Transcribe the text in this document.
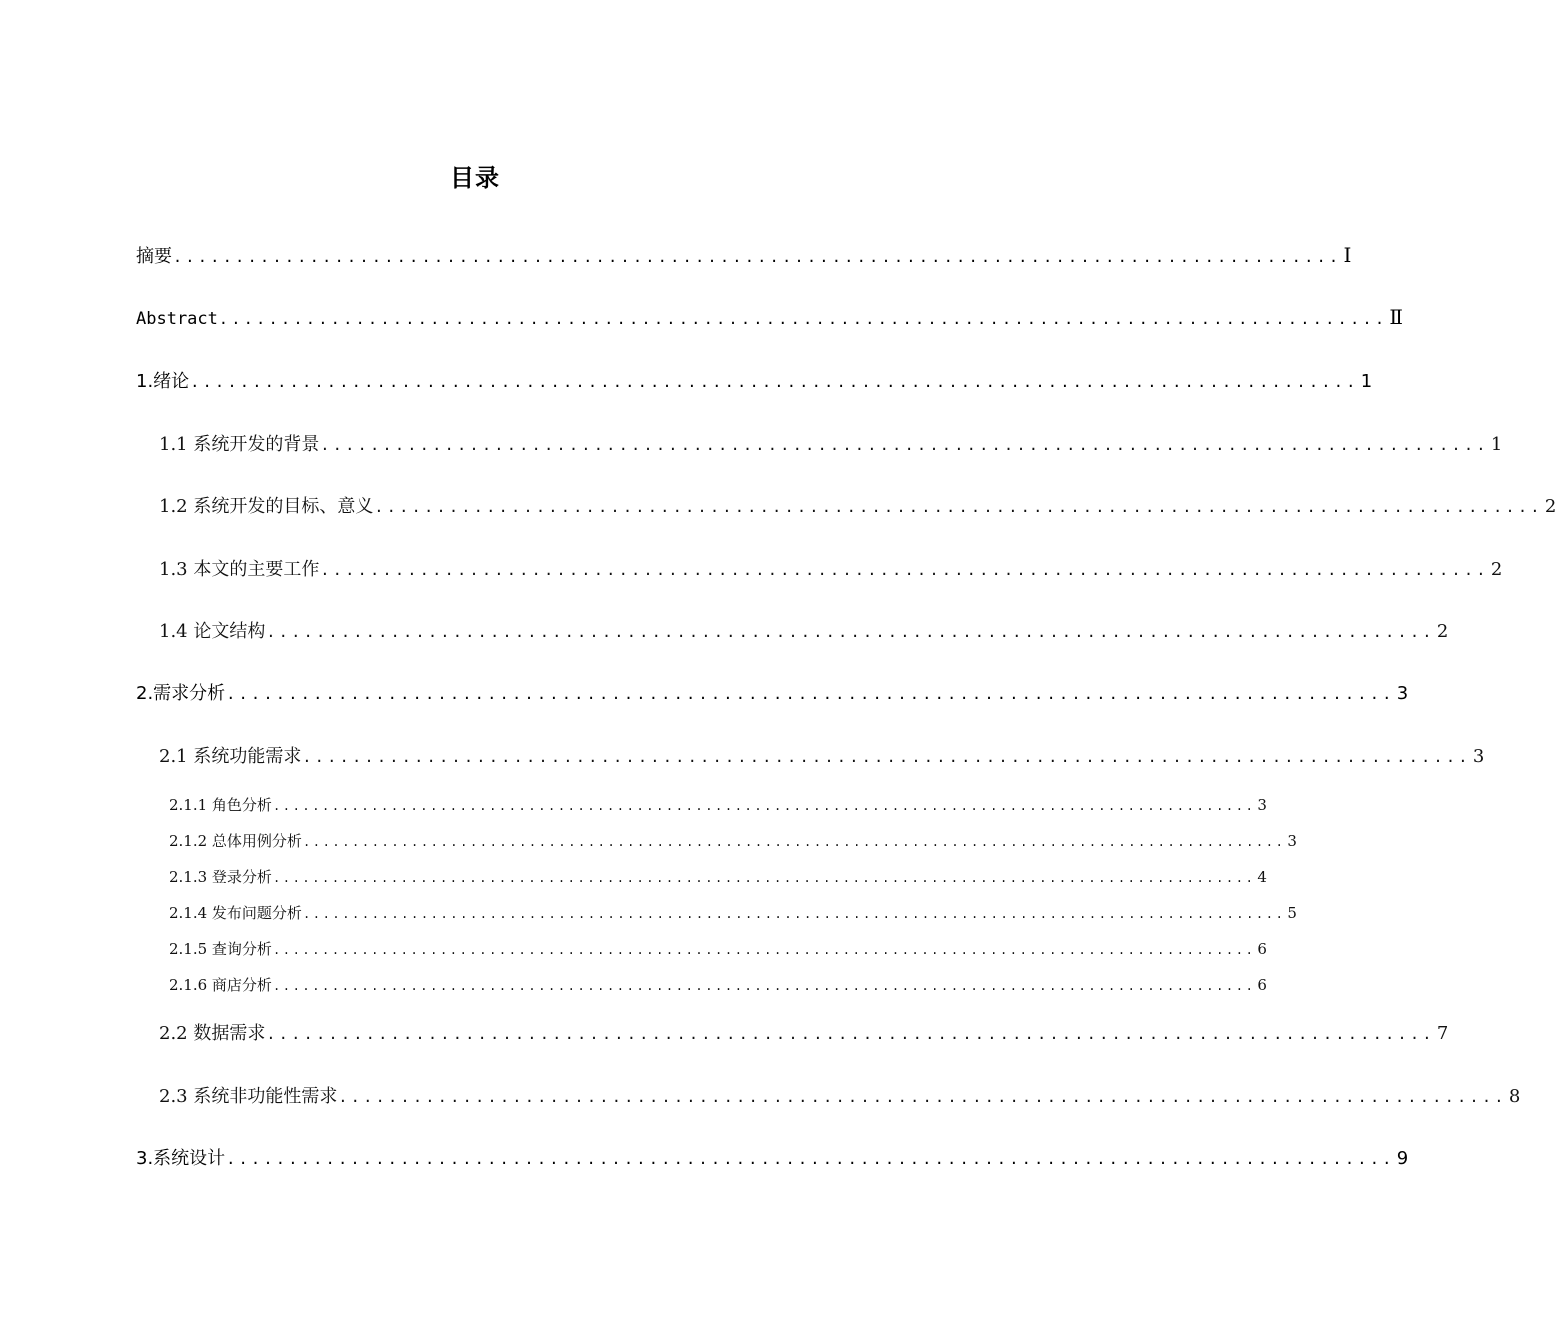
目录
摘要 .............................................................................................. Ⅰ
Abstract .............................................................................................. Ⅱ
1.绪论 .............................................................................................. 1
1.1 系统开发的背景 .............................................................................................. 1
1.2 系统开发的目标、意义 .............................................................................................. 2
1.3 本文的主要工作 .............................................................................................. 2
1.4 论文结构 .............................................................................................. 2
2.需求分析 .............................................................................................. 3
2.1 系统功能需求 .............................................................................................. 3
2.1.1 角色分析 .................................................................................................... 3
2.1.2 总体用例分析 .................................................................................................... 3
2.1.3 登录分析 .................................................................................................... 4
2.1.4 发布问题分析 .................................................................................................... 5
2.1.5 查询分析 .................................................................................................... 6
2.1.6 商店分析 .................................................................................................... 6
2.2 数据需求 .............................................................................................. 7
2.3 系统非功能性需求 .............................................................................................. 8
3.系统设计 .............................................................................................. 9
